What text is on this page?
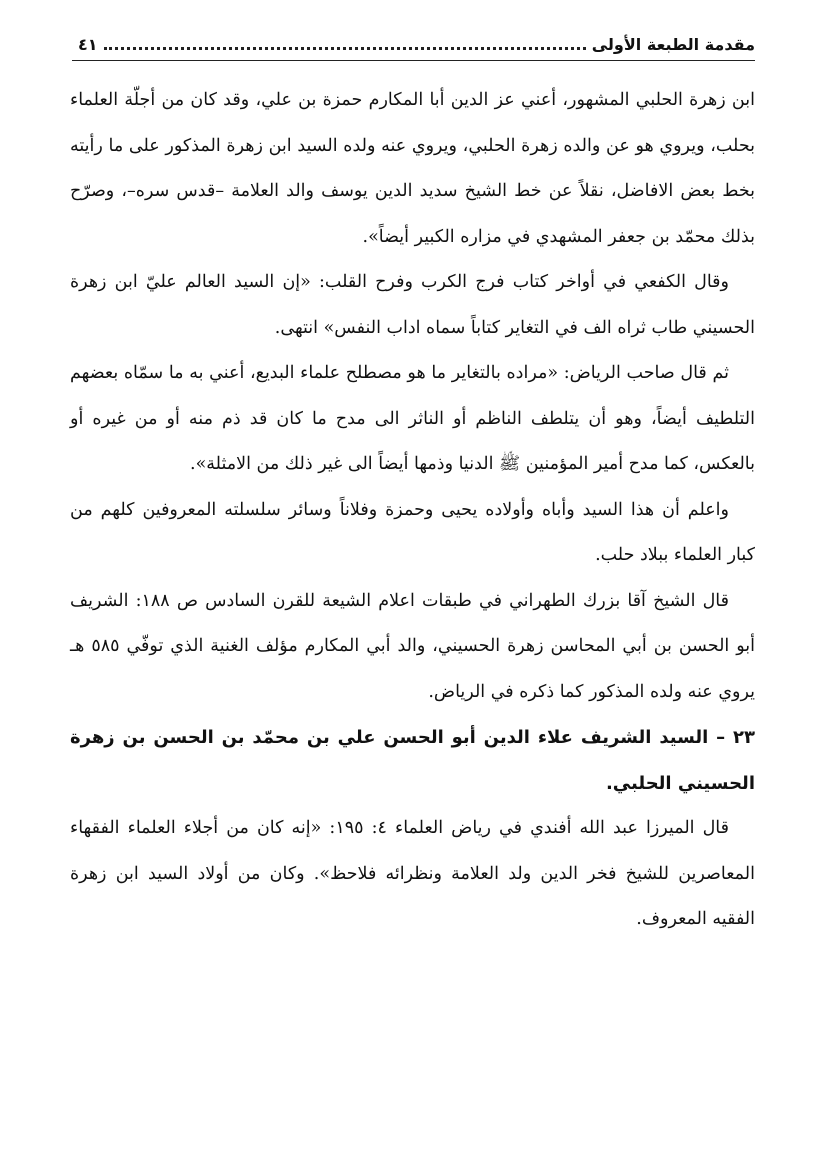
مقدمة الطبعة الأولى
٤١

ابن زهرة الحلبي المشهور، أعني عز الدين أبا المكارم حمزة بن علي، وقد كان من أجلّة العلماء بحلب، ويروي هو عن والده زهرة الحلبي، ويروي عنه ولده السيد ابن زهرة المذكور على ما رأيته بخط بعض الافاضل، نقلاً عن خط الشيخ سديد الدين يوسف والد العلامة –قدس سره–، وصرّح بذلك محمّد بن جعفر المشهدي في مزاره الكبير أيضاً».

وقال الكفعي في أواخر كتاب فرج الكرب وفرح القلب: «إن السيد العالم عليّ ابن زهرة الحسيني طاب ثراه الف في التغاير كتاباً سماه اداب النفس» انتهى.

ثم قال صاحب الرياض: «مراده بالتغاير ما هو مصطلح علماء البديع، أعني به ما سمّاه بعضهم التلطيف أيضاً، وهو أن يتلطف الناظم أو الناثر الى مدح ما كان قد ذم منه أو من غيره أو بالعكس، كما مدح أمير المؤمنين ﷺ الدنيا وذمها أيضاً الى غير ذلك من الامثلة».

واعلم أن هذا السيد وأباه وأولاده يحيى وحمزة وفلاناً وسائر سلسلته المعروفين كلهم من كبار العلماء ببلاد حلب.

قال الشيخ آقا بزرك الطهراني في طبقات اعلام الشيعة للقرن السادس ص ١٨٨: الشريف أبو الحسن بن أبي المحاسن زهرة الحسيني، والد أبي المكارم مؤلف الغنية الذي توفّي ٥٨٥ هـ يروي عنه ولده المذكور كما ذكره في الرياض.

٢٣ – السيد الشريف علاء الدين أبو الحسن علي بن محمّد بن الحسن بن زهرة الحسيني الحلبي.

قال الميرزا عبد الله أفندي في رياض العلماء ٤: ١٩٥: «إنه كان من أجلاء العلماء الفقهاء المعاصرين للشيخ فخر الدين ولد العلامة ونظرائه فلاحظ». وكان من أولاد السيد ابن زهرة الفقيه المعروف.
